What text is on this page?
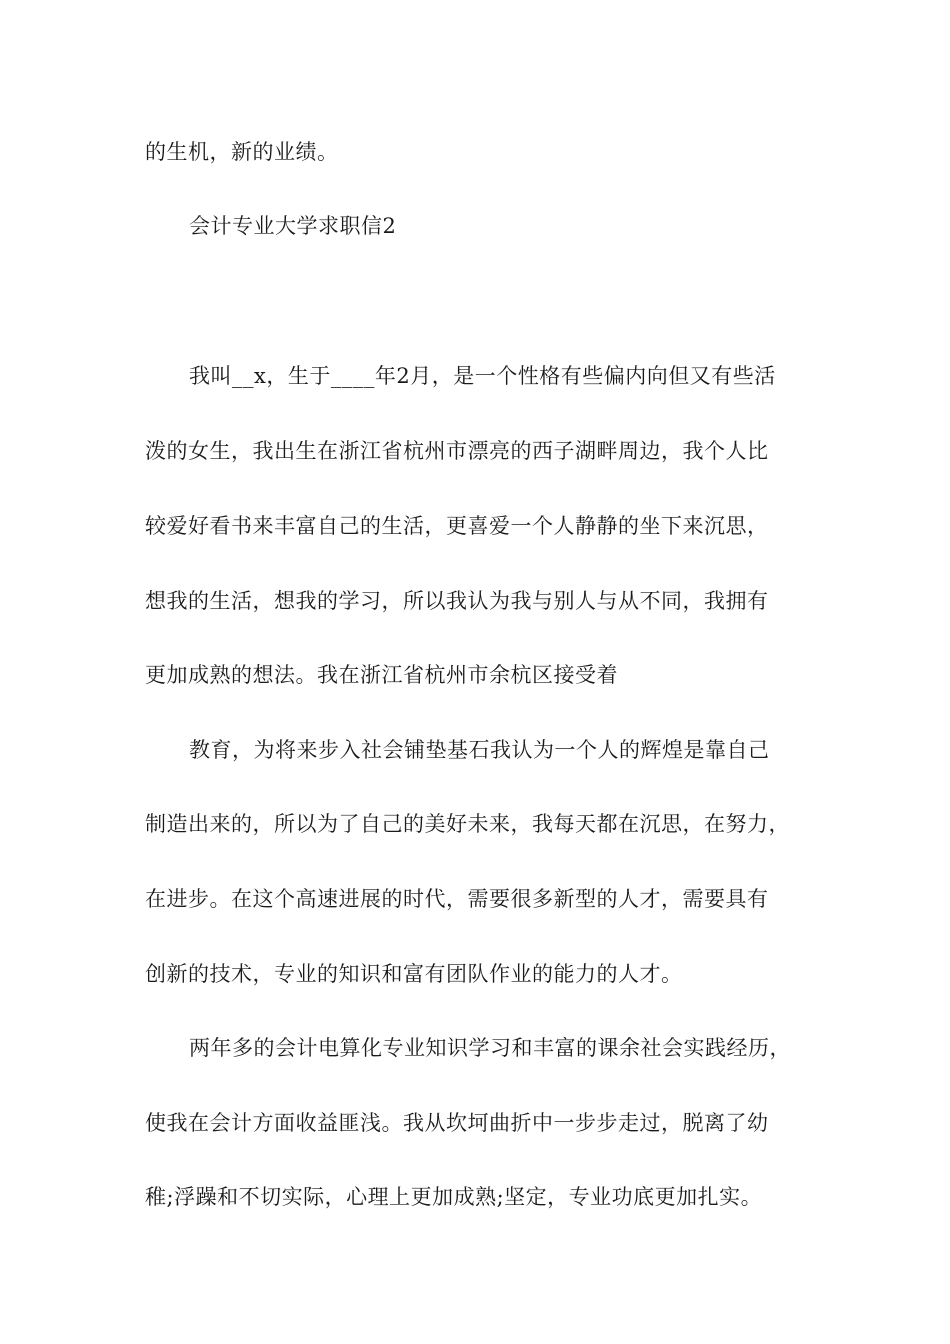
的生机，新的业绩。
会计专业大学求职信2
我叫__x，生于____年2月，是一个性格有些偏内向但又有些活
泼的女生，我出生在浙江省杭州市漂亮的西子湖畔周边，我个人比
较爱好看书来丰富自己的生活，更喜爱一个人静静的坐下来沉思，
想我的生活，想我的学习，所以我认为我与别人与从不同，我拥有
更加成熟的想法。我在浙江省杭州市余杭区接受着
教育，为将来步入社会铺垫基石我认为一个人的辉煌是靠自己
制造出来的，所以为了自己的美好未来，我每天都在沉思，在努力，
在进步。在这个高速进展的时代，需要很多新型的人才，需要具有
创新的技术，专业的知识和富有团队作业的能力的人才。
两年多的会计电算化专业知识学习和丰富的课余社会实践经历，
使我在会计方面收益匪浅。我从坎坷曲折中一步步走过，脱离了幼
稚;浮躁和不切实际，心理上更加成熟;坚定，专业功底更加扎实。
